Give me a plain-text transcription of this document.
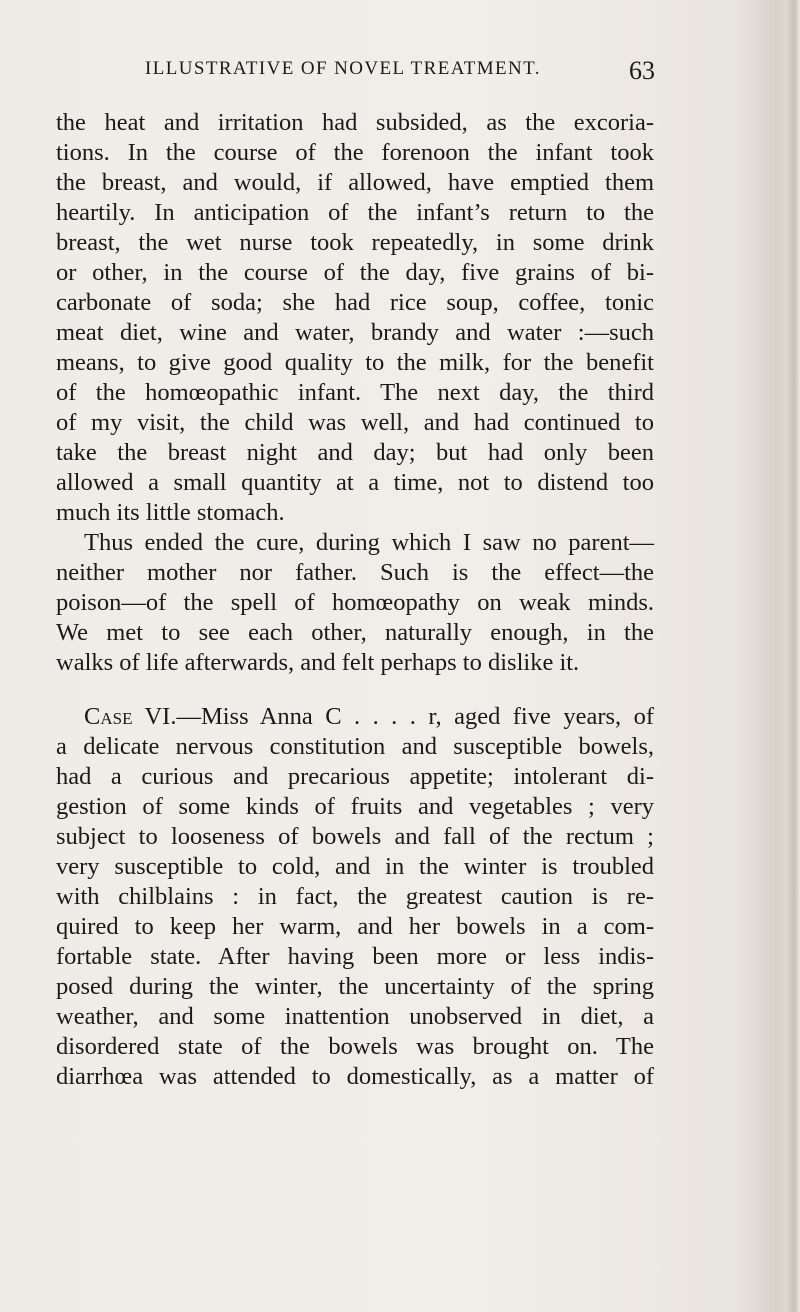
ILLUSTRATIVE OF NOVEL TREATMENT.	63
the heat and irritation had subsided, as the excoria-
tions. In the course of the forenoon the infant took
the breast, and would, if allowed, have emptied them
heartily. In anticipation of the infant’s return to the
breast, the wet nurse took repeatedly, in some drink
or other, in the course of the day, five grains of bi-
carbonate of soda; she had rice soup, coffee, tonic
meat diet, wine and water, brandy and water :—such
means, to give good quality to the milk, for the benefit
of the homœopathic infant. The next day, the third
of my visit, the child was well, and had continued to
take the breast night and day; but had only been
allowed a small quantity at a time, not to distend too
much its little stomach.
Thus ended the cure, during which I saw no parent—
neither mother nor father. Such is the effect—the
poison—of the spell of homœopathy on weak minds.
We met to see each other, naturally enough, in the
walks of life afterwards, and felt perhaps to dislike it.
Case VI.—Miss Anna C . . . . r, aged five years, of
a delicate nervous constitution and susceptible bowels,
had a curious and precarious appetite; intolerant di-
gestion of some kinds of fruits and vegetables ; very
subject to looseness of bowels and fall of the rectum ;
very susceptible to cold, and in the winter is troubled
with chilblains : in fact, the greatest caution is re-
quired to keep her warm, and her bowels in a com-
fortable state. After having been more or less indis-
posed during the winter, the uncertainty of the spring
weather, and some inattention unobserved in diet, a
disordered state of the bowels was brought on. The
diarrhœa was attended to domestically, as a matter of
